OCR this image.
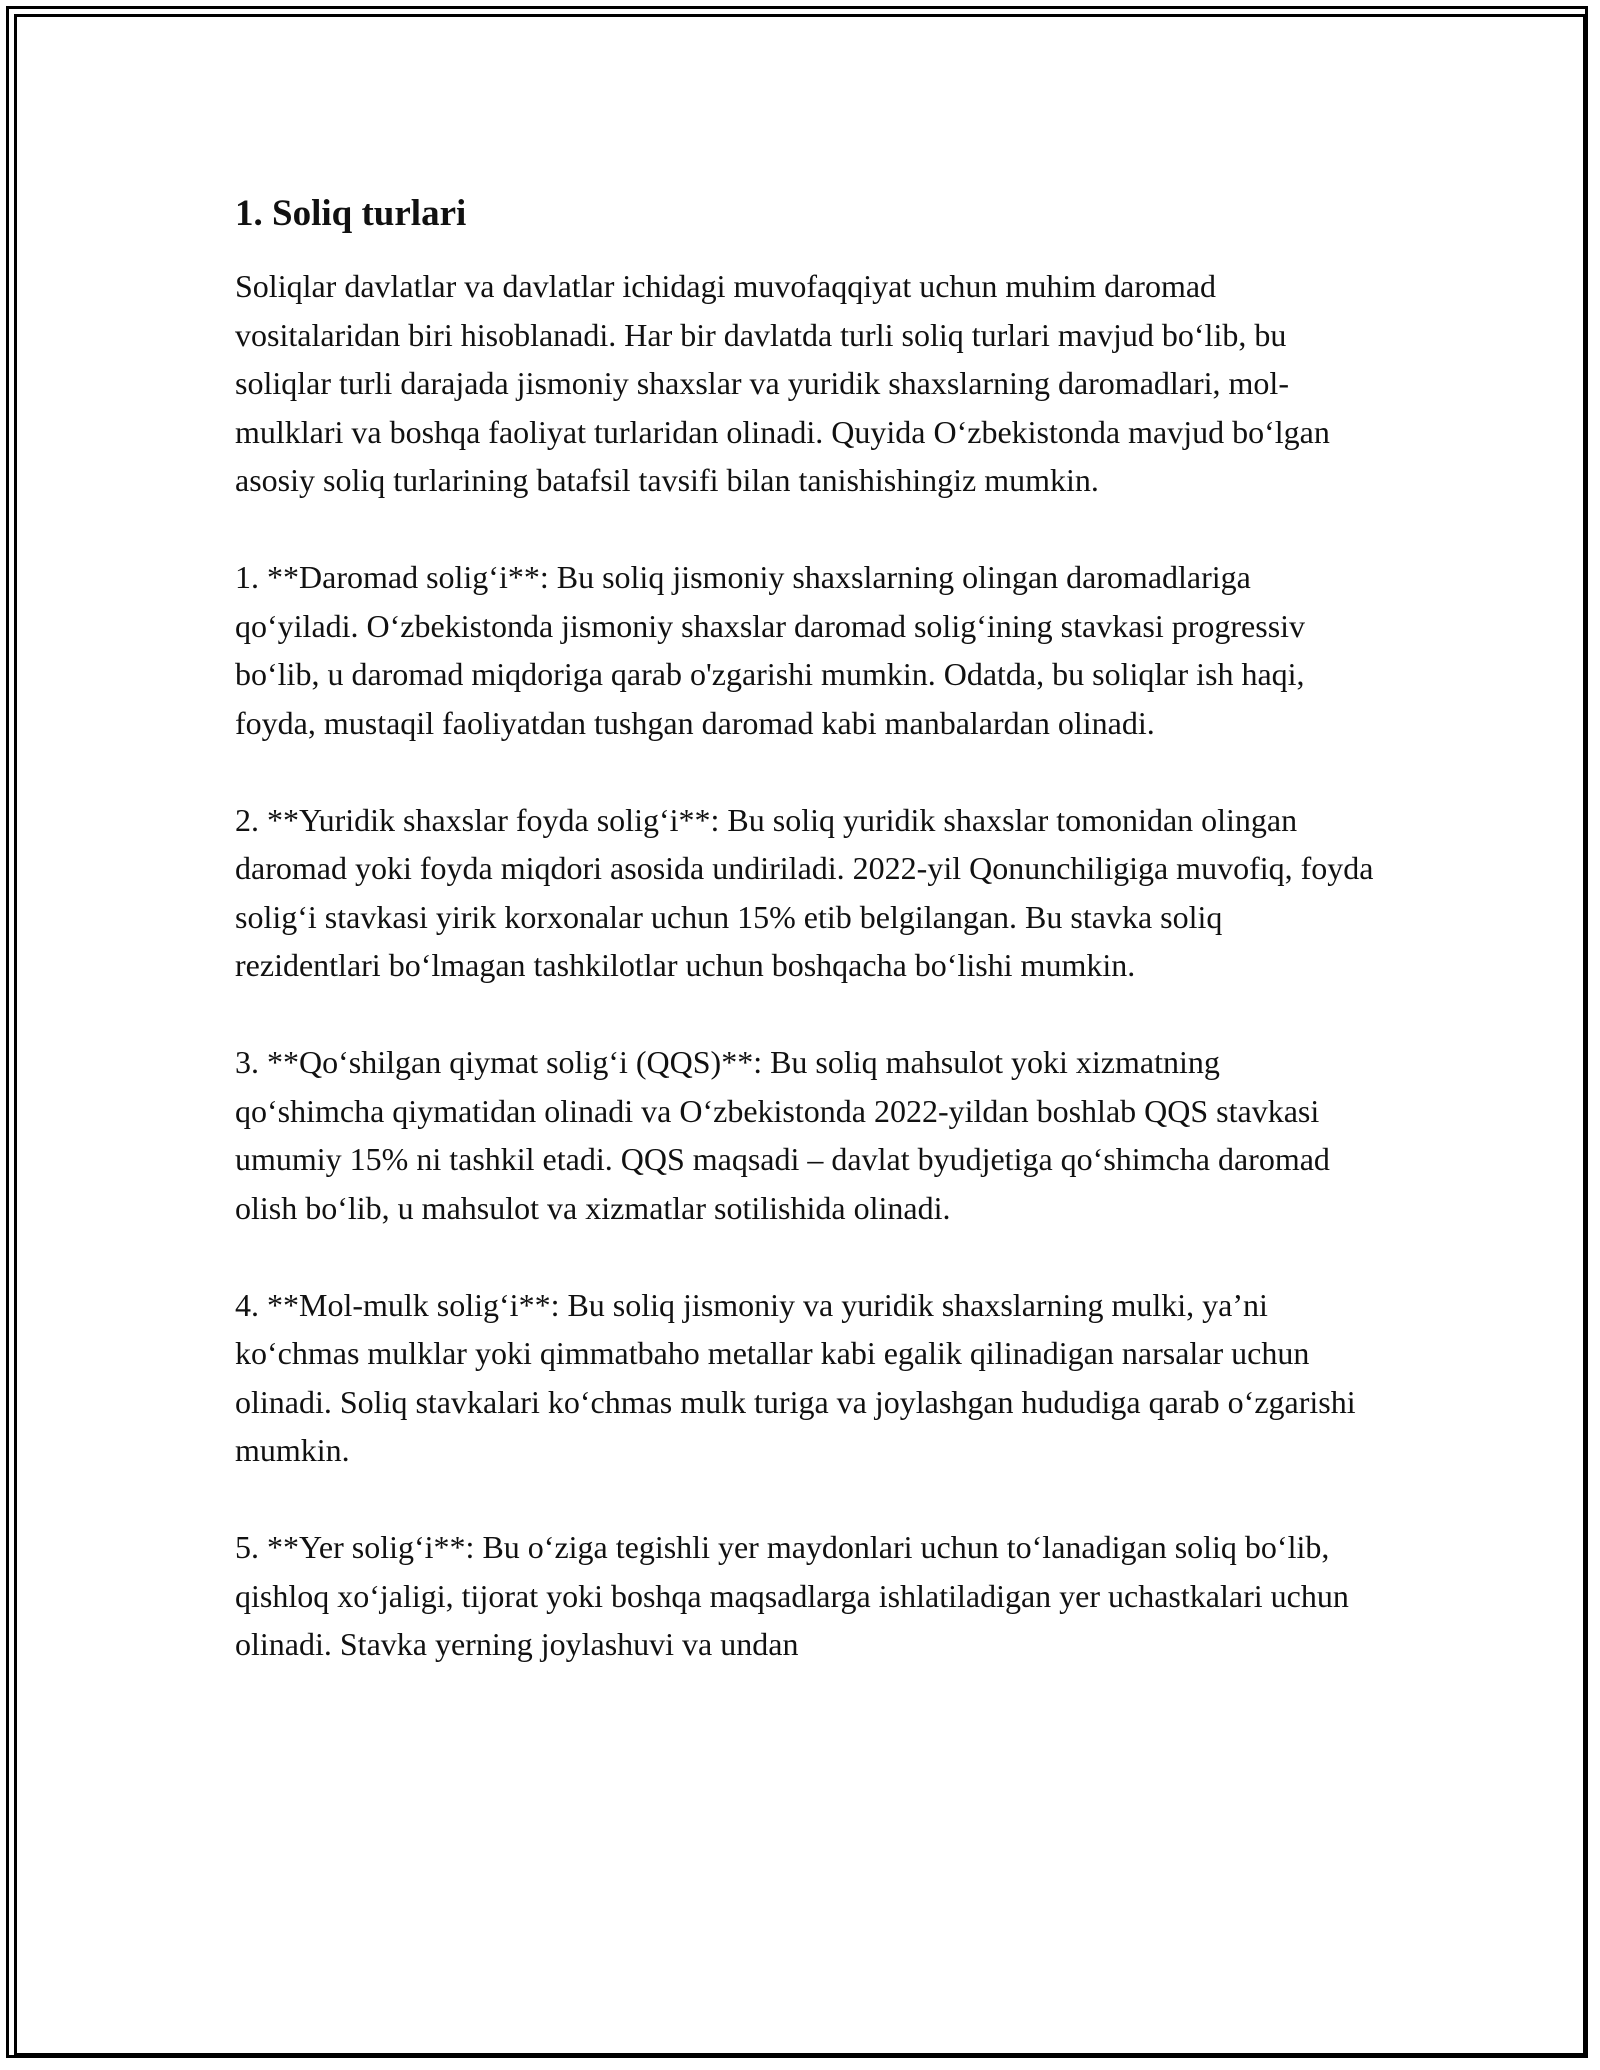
1. Soliq turlari

Soliqlar davlatlar va davlatlar ichidagi muvofaqqiyat uchun muhim daromad vositalaridan biri hisoblanadi. Har bir davlatda turli soliq turlari mavjud bo‘lib, bu soliqlar turli darajada jismoniy shaxslar va yuridik shaxslarning daromadlari, mol-mulklari va boshqa faoliyat turlaridan olinadi. Quyida O‘zbekistonda mavjud bo‘lgan asosiy soliq turlarining batafsil tavsifi bilan tanishishingiz mumkin.

1. **Daromad solig‘i**: Bu soliq jismoniy shaxslarning olingan daromadlariga qo‘yiladi. O‘zbekistonda jismoniy shaxslar daromad solig‘ining stavkasi progressiv bo‘lib, u daromad miqdoriga qarab o'zgarishi mumkin. Odatda, bu soliqlar ish haqi, foyda, mustaqil faoliyatdan tushgan daromad kabi manbalardan olinadi.

2. **Yuridik shaxslar foyda solig‘i**: Bu soliq yuridik shaxslar tomonidan olingan daromad yoki foyda miqdori asosida undiriladi. 2022-yil Qonunchiligiga muvofiq, foyda solig‘i stavkasi yirik korxonalar uchun 15% etib belgilangan. Bu stavka soliq rezidentlari bo‘lmagan tashkilotlar uchun boshqacha bo‘lishi mumkin.

3. **Qo‘shilgan qiymat solig‘i (QQS)**: Bu soliq mahsulot yoki xizmatning qo‘shimcha qiymatidan olinadi va O‘zbekistonda 2022-yildan boshlab QQS stavkasi umumiy 15% ni tashkil etadi. QQS maqsadi – davlat byudjetiga qo‘shimcha daromad olish bo‘lib, u mahsulot va xizmatlar sotilishida olinadi.

4. **Mol-mulk solig‘i**: Bu soliq jismoniy va yuridik shaxslarning mulki, ya’ni ko‘chmas mulklar yoki qimmatbaho metallar kabi egalik qilinadigan narsalar uchun olinadi. Soliq stavkalari ko‘chmas mulk turiga va joylashgan hududiga qarab o‘zgarishi mumkin.

5. **Yer solig‘i**: Bu o‘ziga tegishli yer maydonlari uchun to‘lanadigan soliq bo‘lib, qishloq xo‘jaligi, tijorat yoki boshqa maqsadlarga ishlatiladigan yer uchastkalari uchun olinadi. Stavka yerning joylashuvi va undan
